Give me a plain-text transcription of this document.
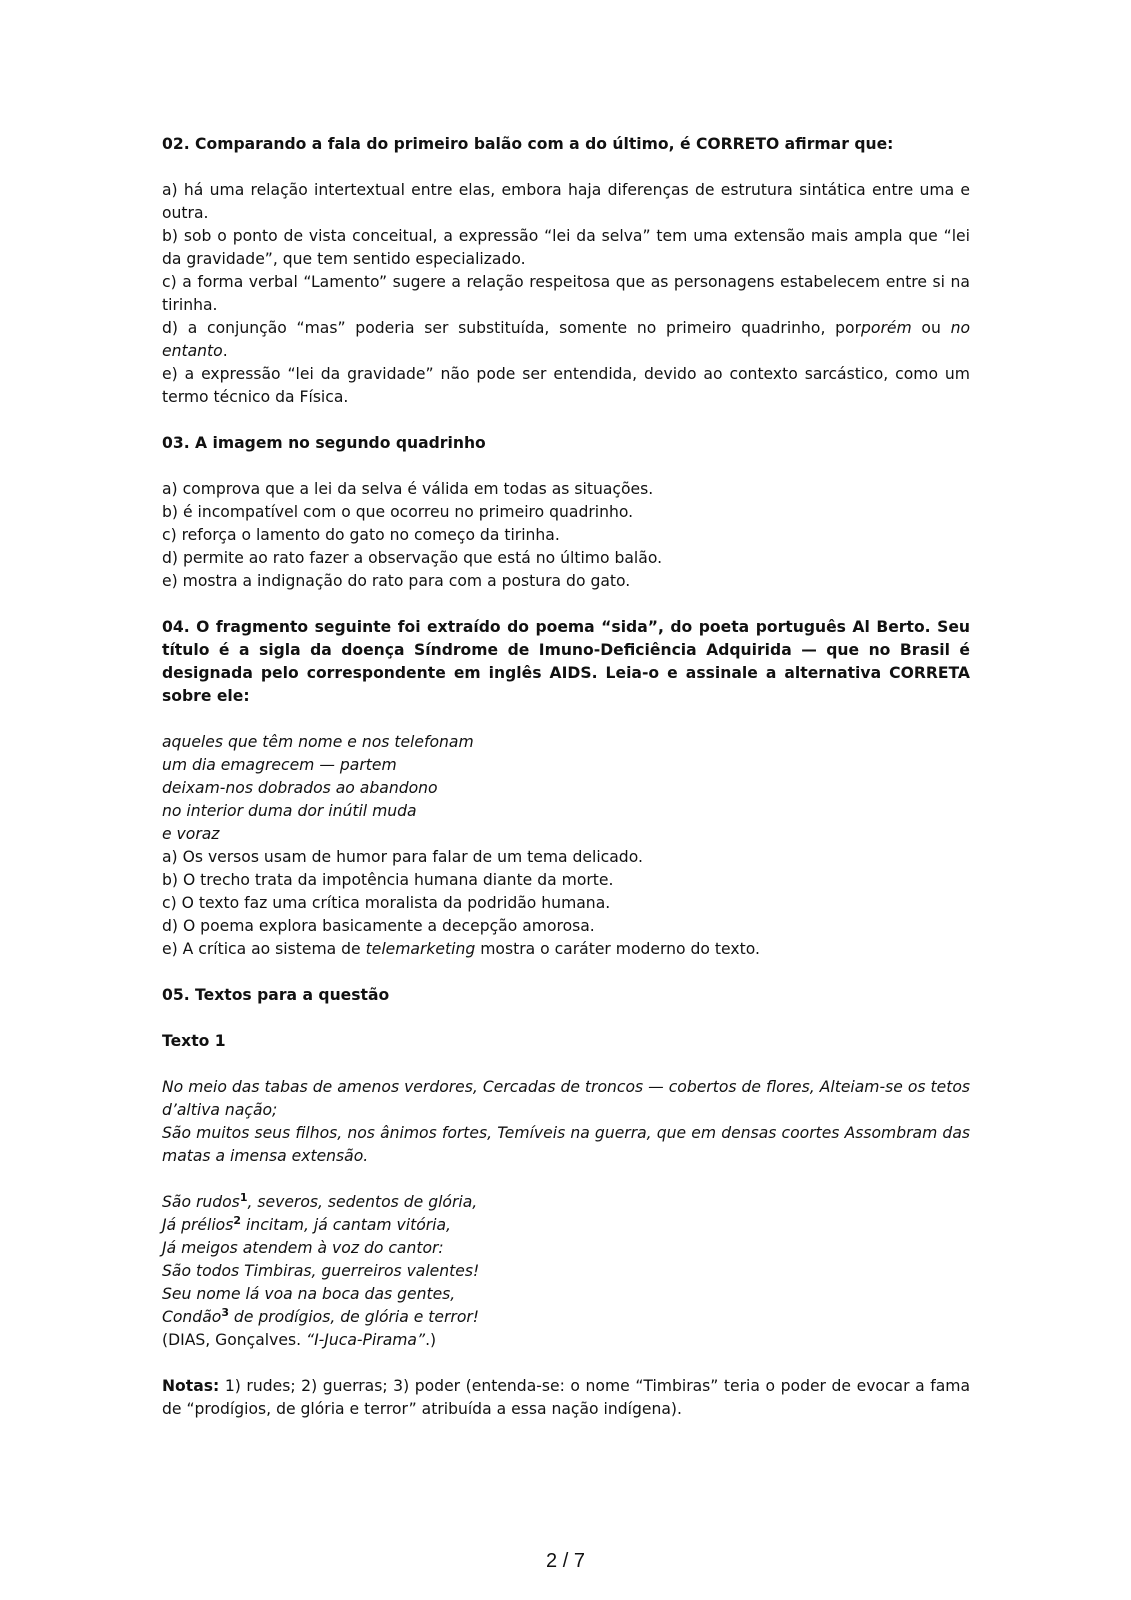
02. Comparando a fala do primeiro balão com a do último, é CORRETO afirmar que:

a) há uma relação intertextual entre elas, embora haja diferenças de estrutura sintática entre uma e outra.

b) sob o ponto de vista conceitual, a expressão “lei da selva” tem uma extensão mais ampla que “lei da gravidade”, que tem sentido especializado.

c) a forma verbal “Lamento” sugere a relação respeitosa que as personagens estabelecem entre si na tirinha.

d) a conjunção “mas” poderia ser substituída, somente no primeiro quadrinho, porporém ou no entanto.

e) a expressão “lei da gravidade” não pode ser entendida, devido ao contexto sarcástico, como um termo técnico da Física.

03. A imagem no segundo quadrinho

a) comprova que a lei da selva é válida em todas as situações.

b) é incompatível com o que ocorreu no primeiro quadrinho.

c) reforça o lamento do gato no começo da tirinha.

d) permite ao rato fazer a observação que está no último balão.

e) mostra a indignação do rato para com a postura do gato.

04. O fragmento seguinte foi extraído do poema “sida”, do poeta português Al Berto. Seu título é a sigla da doença Síndrome de Imuno-Deficiência Adquirida — que no Brasil é designada pelo correspondente em inglês AIDS. Leia-o e assinale a alternativa CORRETA sobre ele:

aqueles que têm nome e nos telefonam

um dia emagrecem — partem

deixam-nos dobrados ao abandono

no interior duma dor inútil muda

e voraz

a) Os versos usam de humor para falar de um tema delicado.

b) O trecho trata da impotência humana diante da morte.

c) O texto faz uma crítica moralista da podridão humana.

d) O poema explora basicamente a decepção amorosa.

e) A crítica ao sistema de telemarketing mostra o caráter moderno do texto.

05. Textos para a questão

Texto 1

No meio das tabas de amenos verdores, Cercadas de troncos — cobertos de flores, Alteiam-se os tetos d’altiva nação;

São muitos seus filhos, nos ânimos fortes, Temíveis na guerra, que em densas coortes Assombram das matas a imensa extensão.

São rudos$^1$, severos, sedentos de glória,

Já prélios$^2$ incitam, já cantam vitória,

Já meigos atendem à voz do cantor:

São todos Timbiras, guerreiros valentes!

Seu nome lá voa na boca das gentes,

Condão$^3$ de prodígios, de glória e terror!

(DIAS, Gonçalves. “I-Juca-Pirama”.)

Notas: 1) rudes; 2) guerras; 3) poder (entenda-se: o nome “Timbiras” teria o poder de evocar a fama de “prodígios, de glória e terror” atribuída a essa nação indígena).

2 / 7
